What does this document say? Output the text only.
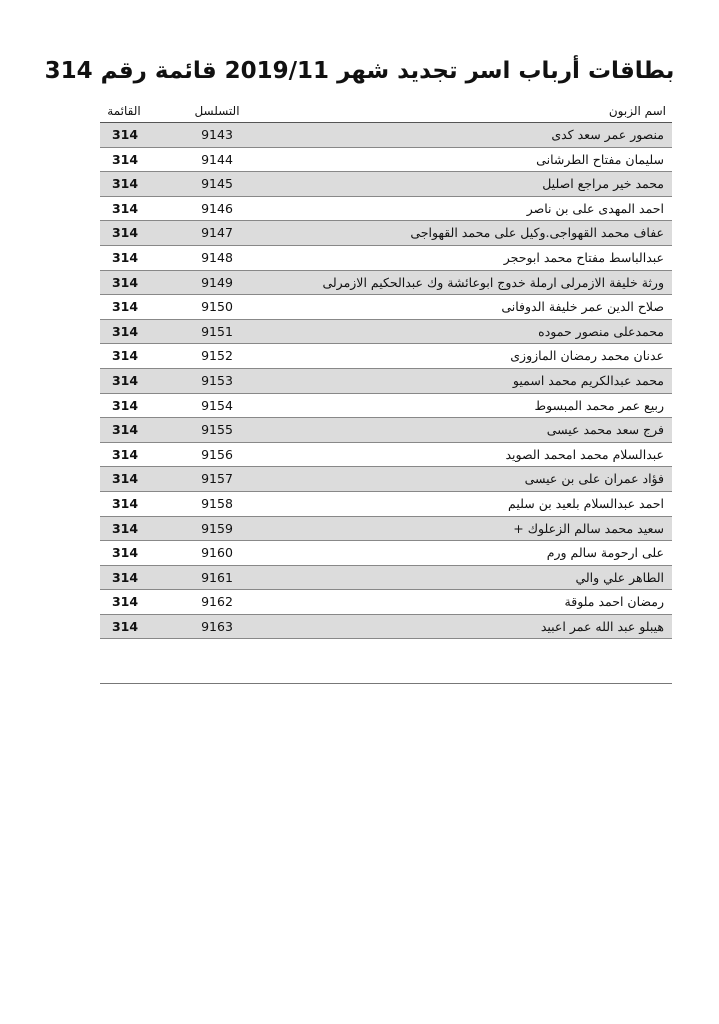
بطاقات أرباب اسر تجديد شهر 2019/11 قائمة رقم 314
اسم الزبون
التسلسل
القائمة
منصور عمر سعد كدى
9143
314
سليمان مفتاح الطرشانى
9144
314
محمد خير مراجع اصليل
9145
314
احمد المهدى على بن ناصر
9146
314
عفاف محمد القهواجى.وكيل على محمد القهواجى
9147
314
عبدالباسط مفتاح محمد ابوحجر
9148
314
ورثة خليفة الازمرلى ارملة خدوج ابوعائشة وك عبدالحكيم الازمرلى
9149
314
صلاح الدين عمر خليفة الدوفانى
9150
314
محمدعلى منصور حموده
9151
314
عدنان محمد رمضان المازوزى
9152
314
محمد عبدالكريم محمد اسميو
9153
314
ربيع عمر محمد المبسوط
9154
314
فرج سعد محمد عيسى
9155
314
عبدالسلام محمد امحمد الصويد
9156
314
فؤاد عمران على بن عيسى
9157
314
احمد عبدالسلام بلعيد بن سليم
9158
314
سعيد محمد سالم الزعلوك +
9159
314
على ارحومة سالم ورم
9160
314
الطاهر علي والي
9161
314
رمضان احمد ملوقة
9162
314
هيبلو عبد الله عمر اعبيد
9163
314
